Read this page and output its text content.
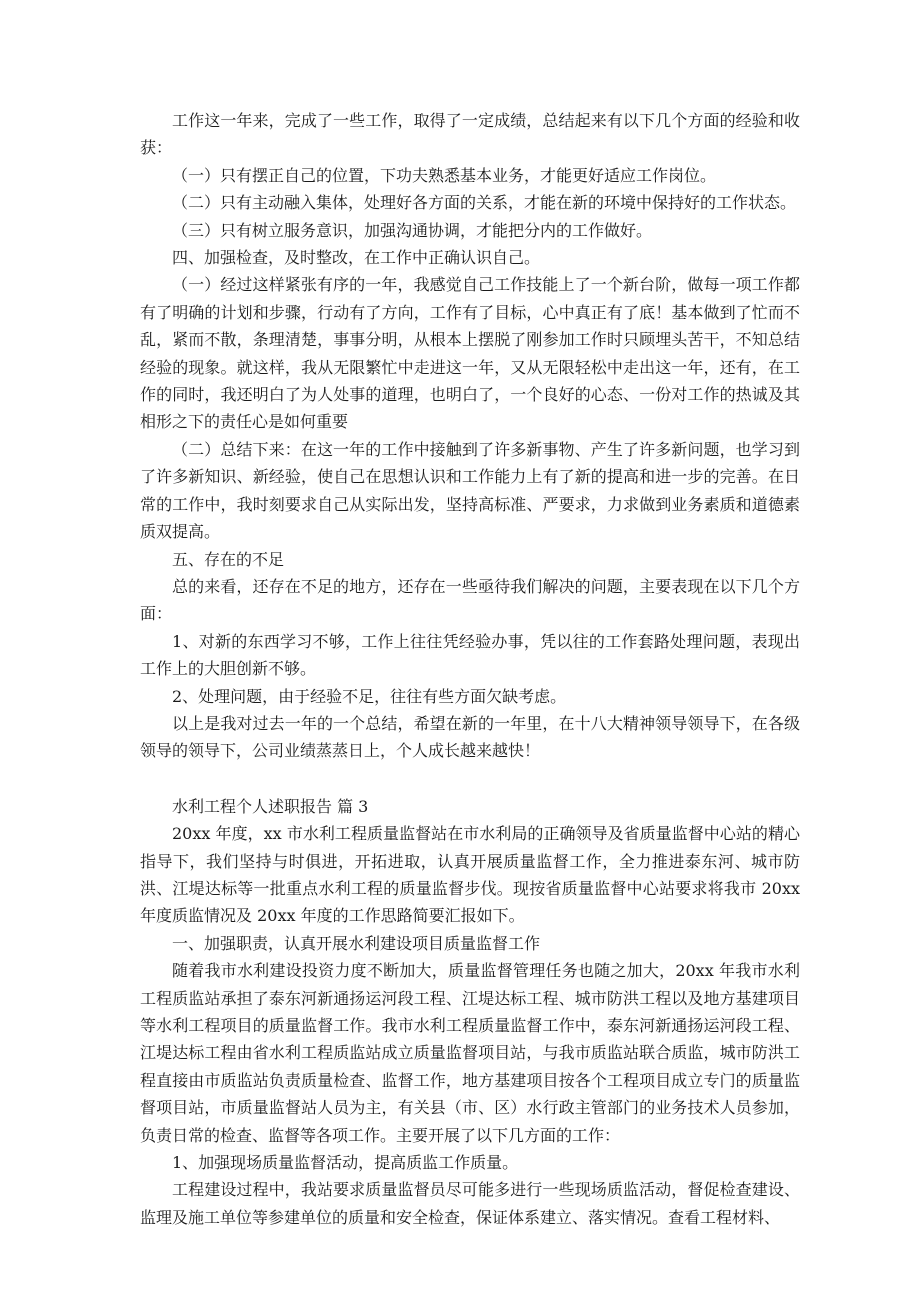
工作这一年来，完成了一些工作，取得了一定成绩，总结起来有以下几个方面的经验和收获：

（一）只有摆正自己的位置，下功夫熟悉基本业务，才能更好适应工作岗位。

（二）只有主动融入集体，处理好各方面的关系，才能在新的环境中保持好的工作状态。

（三）只有树立服务意识，加强沟通协调，才能把分内的工作做好。

四、加强检查，及时整改，在工作中正确认识自己。

（一）经过这样紧张有序的一年，我感觉自己工作技能上了一个新台阶，做每一项工作都有了明确的计划和步骤，行动有了方向，工作有了目标，心中真正有了底！基本做到了忙而不乱，紧而不散，条理清楚，事事分明，从根本上摆脱了刚参加工作时只顾埋头苦干，不知总结经验的现象。就这样，我从无限繁忙中走进这一年，又从无限轻松中走出这一年，还有，在工作的同时，我还明白了为人处事的道理，也明白了，一个良好的心态、一份对工作的热诚及其相形之下的责任心是如何重要

（二）总结下来：在这一年的工作中接触到了许多新事物、产生了许多新问题，也学习到了许多新知识、新经验，使自己在思想认识和工作能力上有了新的提高和进一步的完善。在日常的工作中，我时刻要求自己从实际出发，坚持高标准、严要求，力求做到业务素质和道德素质双提高。

五、存在的不足

总的来看，还存在不足的地方，还存在一些亟待我们解决的问题，主要表现在以下几个方面：

1、对新的东西学习不够，工作上往往凭经验办事，凭以往的工作套路处理问题，表现出工作上的大胆创新不够。

2、处理问题，由于经验不足，往往有些方面欠缺考虑。

以上是我对过去一年的一个总结，希望在新的一年里，在十八大精神领导领导下，在各级领导的领导下，公司业绩蒸蒸日上，个人成长越来越快！

水利工程个人述职报告 篇 3

20xx 年度，xx 市水利工程质量监督站在市水利局的正确领导及省质量监督中心站的精心指导下，我们坚持与时俱进，开拓进取，认真开展质量监督工作，全力推进泰东河、城市防洪、江堤达标等一批重点水利工程的质量监督步伐。现按省质量监督中心站要求将我市 20xx 年度质监情况及 20xx 年度的工作思路简要汇报如下。

一、加强职责，认真开展水利建设项目质量监督工作

随着我市水利建设投资力度不断加大，质量监督管理任务也随之加大，20xx 年我市水利工程质监站承担了泰东河新通扬运河段工程、江堤达标工程、城市防洪工程以及地方基建项目等水利工程项目的质量监督工作。我市水利工程质量监督工作中，泰东河新通扬运河段工程、江堤达标工程由省水利工程质监站成立质量监督项目站，与我市质监站联合质监，城市防洪工程直接由市质监站负责质量检查、监督工作，地方基建项目按各个工程项目成立专门的质量监督项目站，市质量监督站人员为主，有关县（市、区）水行政主管部门的业务技术人员参加，负责日常的检查、监督等各项工作。主要开展了以下几方面的工作：

1、加强现场质量监督活动，提高质监工作质量。

工程建设过程中，我站要求质量监督员尽可能多进行一些现场质监活动，督促检查建设、监理及施工单位等参建单位的质量和安全检查，保证体系建立、落实情况。查看工程材料、
